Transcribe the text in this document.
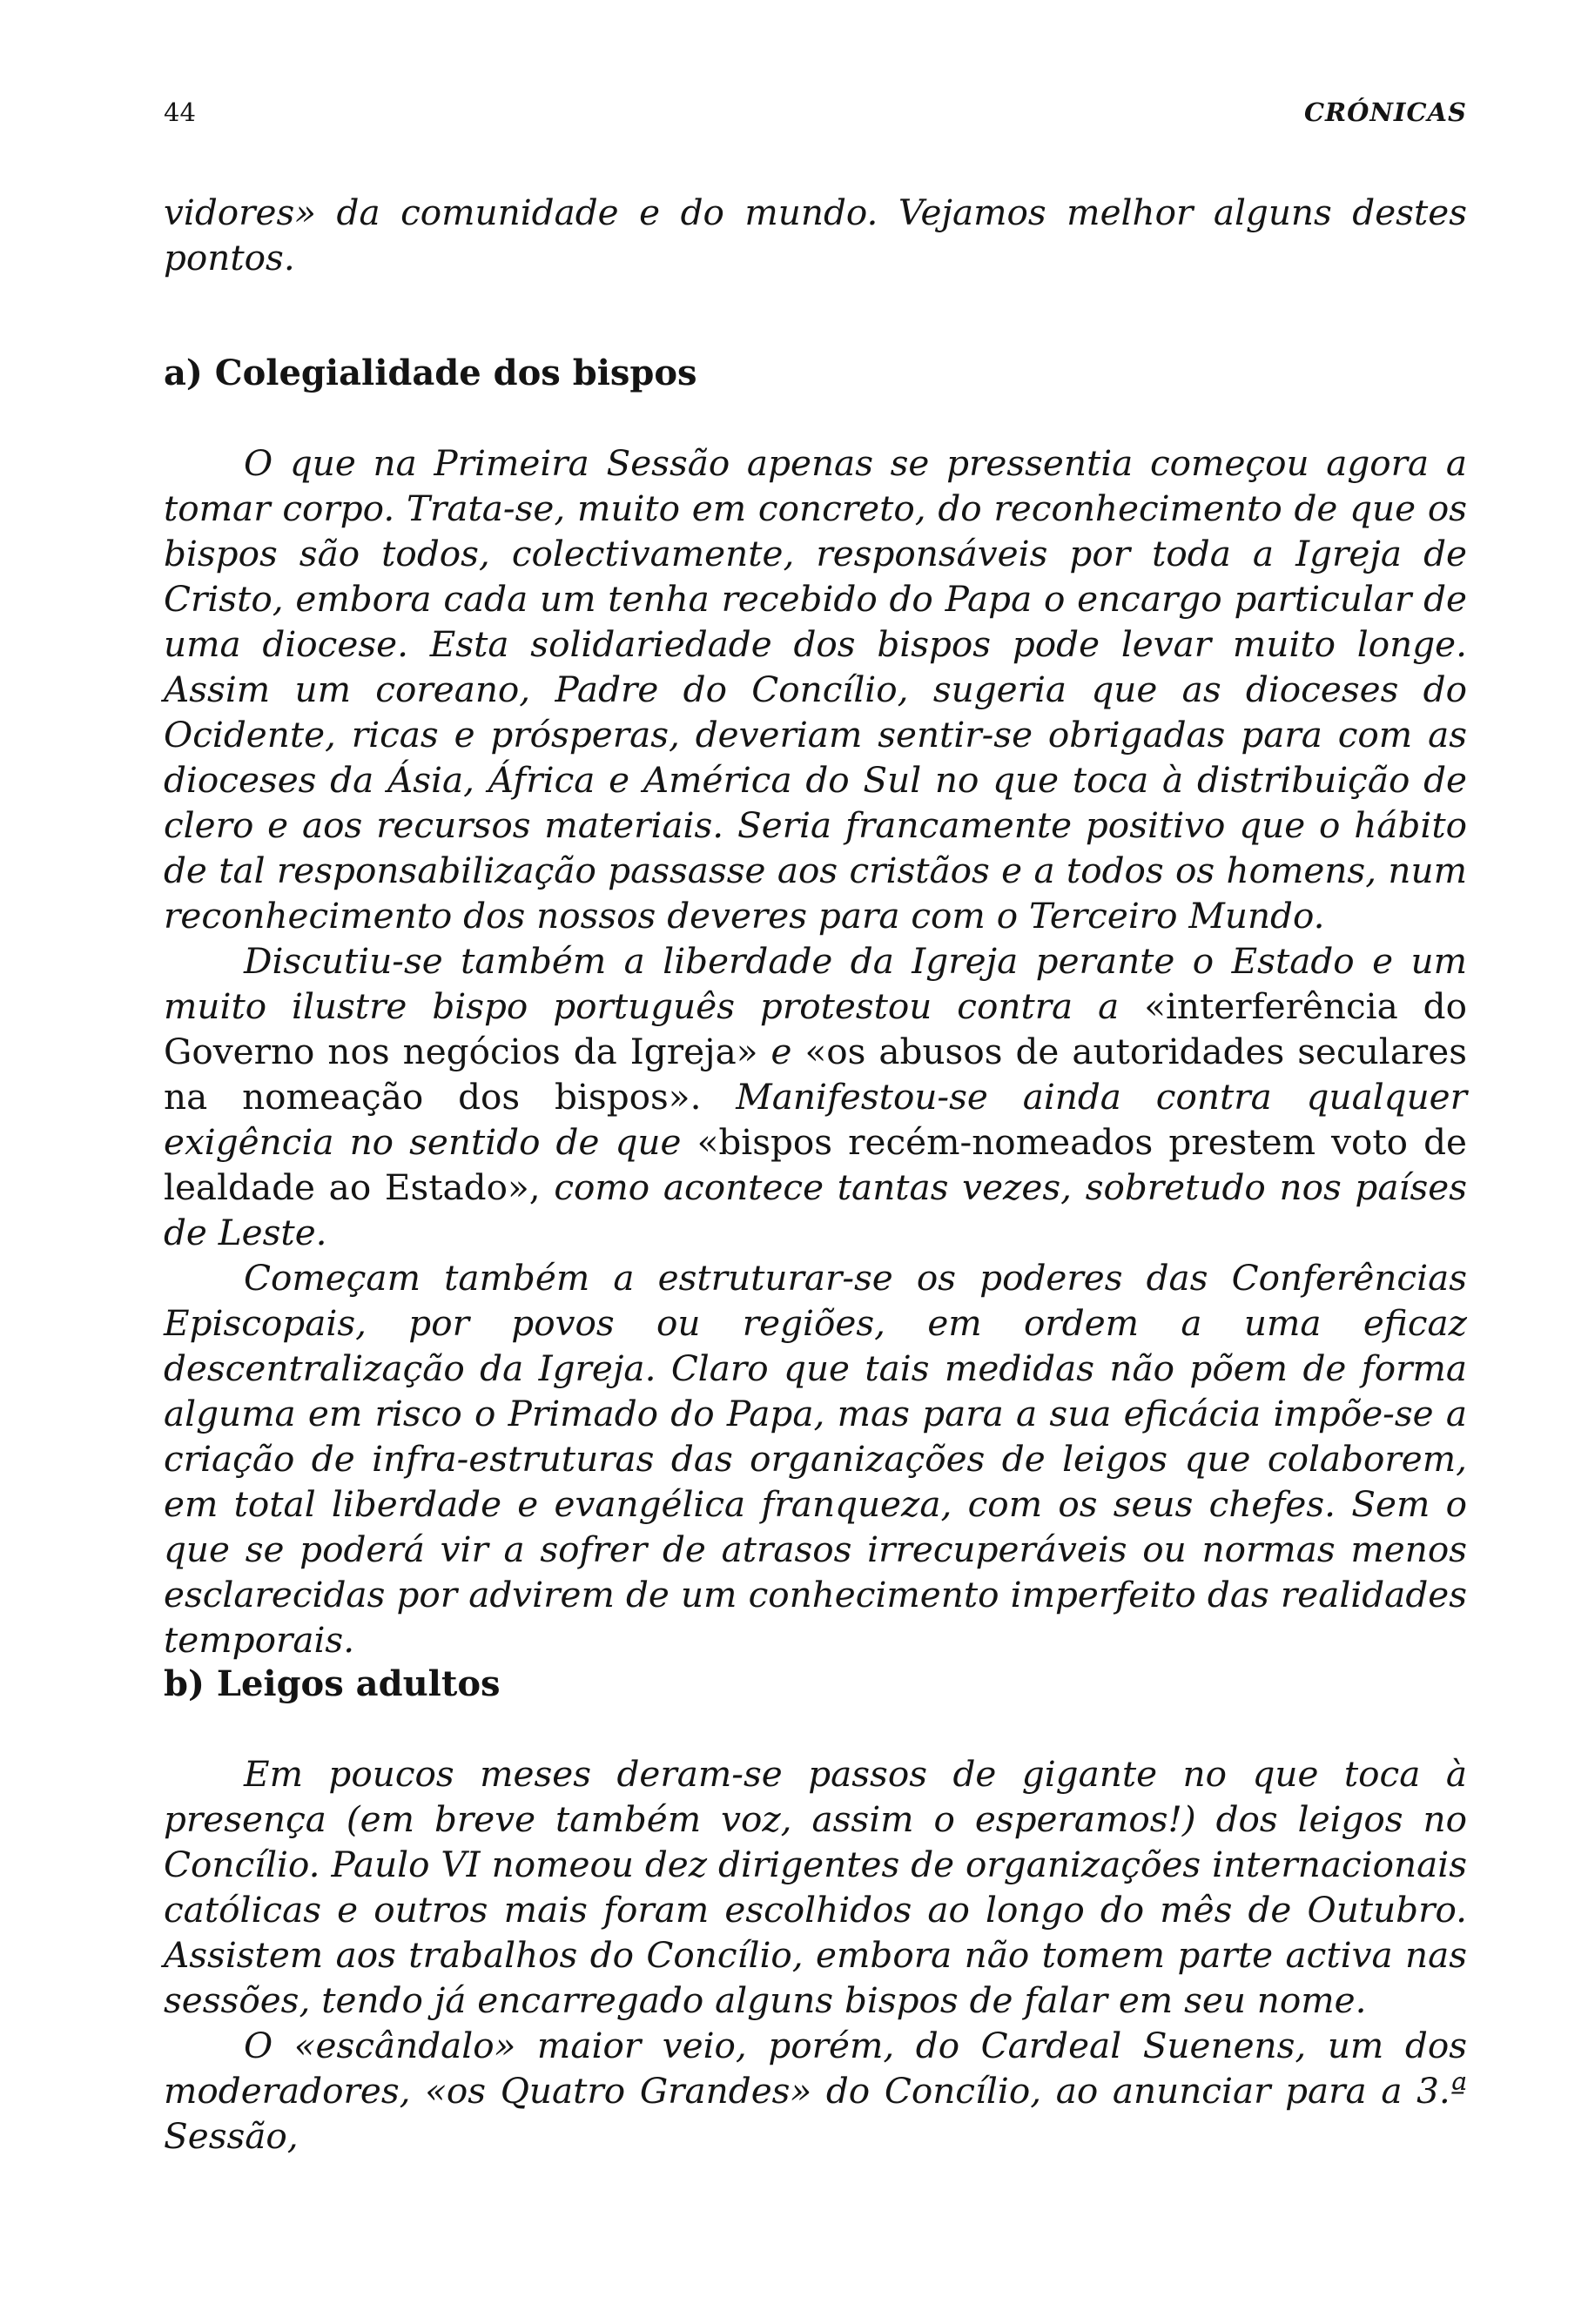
44	CRÓNICAS

vidores» da comunidade e do mundo. Vejamos melhor alguns destes pontos.

a) Colegialidade dos bispos

O que na Primeira Sessão apenas se pressentia começou agora a tomar corpo. Trata-se, muito em concreto, do reconhecimento de que os bispos são todos, colectivamente, responsáveis por toda a Igreja de Cristo, embora cada um tenha recebido do Papa o encargo particular de uma diocese. Esta solidariedade dos bispos pode levar muito longe. Assim um coreano, Padre do Concílio, sugeria que as dioceses do Ocidente, ricas e prósperas, deveriam sentir-se obrigadas para com as dioceses da Ásia, África e América do Sul no que toca à distribuição de clero e aos recursos materiais. Seria francamente positivo que o hábito de tal responsabilização passasse aos cristãos e a todos os homens, num reconhecimento dos nossos deveres para com o Terceiro Mundo.

Discutiu-se também a liberdade da Igreja perante o Estado e um muito ilustre bispo português protestou contra a «interferência do Governo nos negócios da Igreja» e «os abusos de autoridades seculares na nomeação dos bispos». Manifestou-se ainda contra qualquer exigência no sentido de que «bispos recém-nomeados prestem voto de lealdade ao Estado», como acontece tantas vezes, sobretudo nos países de Leste.

Começam também a estruturar-se os poderes das Conferências Episcopais, por povos ou regiões, em ordem a uma eficaz descentralização da Igreja. Claro que tais medidas não põem de forma alguma em risco o Primado do Papa, mas para a sua eficácia impõe-se a criação de infra-estruturas das organizações de leigos que colaborem, em total liberdade e evangélica franqueza, com os seus chefes. Sem o que se poderá vir a sofrer de atrasos irrecuperáveis ou normas menos esclarecidas por advirem de um conhecimento imperfeito das realidades temporais.

b) Leigos adultos

Em poucos meses deram-se passos de gigante no que toca à presença (em breve também voz, assim o esperamos!) dos leigos no Concílio. Paulo VI nomeou dez dirigentes de organizações internacionais católicas e outros mais foram escolhidos ao longo do mês de Outubro. Assistem aos trabalhos do Concílio, embora não tomem parte activa nas sessões, tendo já encarregado alguns bispos de falar em seu nome.

O «escândalo» maior veio, porém, do Cardeal Suenens, um dos moderadores, «os Quatro Grandes» do Concílio, ao anunciar para a 3.ª Sessão,
